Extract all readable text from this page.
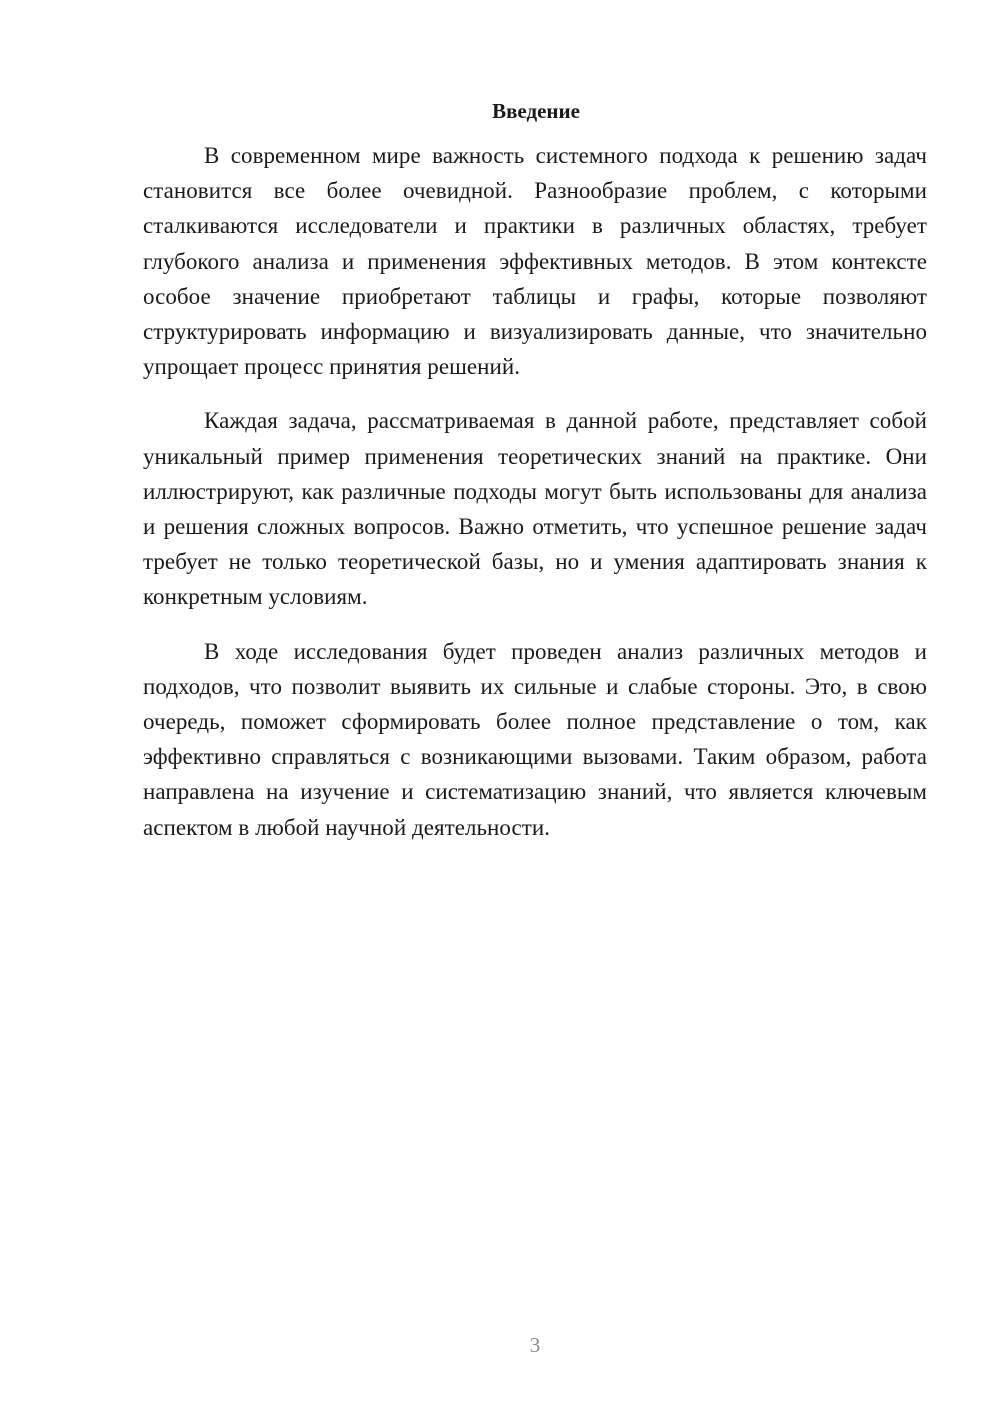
Введение

В современном мире важность системного подхода к решению задач становится все более очевидной. Разнообразие проблем, с которыми сталкиваются исследователи и практики в различных областях, требует глубокого анализа и применения эффективных методов. В этом контексте особое значение приобретают таблицы и графы, которые позволяют структурировать информацию и визуализировать данные, что значительно упрощает процесс принятия решений.

Каждая задача, рассматриваемая в данной работе, представляет собой уникальный пример применения теоретических знаний на практике. Они иллюстрируют, как различные подходы могут быть использованы для анализа и решения сложных вопросов. Важно отметить, что успешное решение задач требует не только теоретической базы, но и умения адаптировать знания к конкретным условиям.

В ходе исследования будет проведен анализ различных методов и подходов, что позволит выявить их сильные и слабые стороны. Это, в свою очередь, поможет сформировать более полное представление о том, как эффективно справляться с возникающими вызовами. Таким образом, работа направлена на изучение и систематизацию знаний, что является ключевым аспектом в любой научной деятельности.

3
